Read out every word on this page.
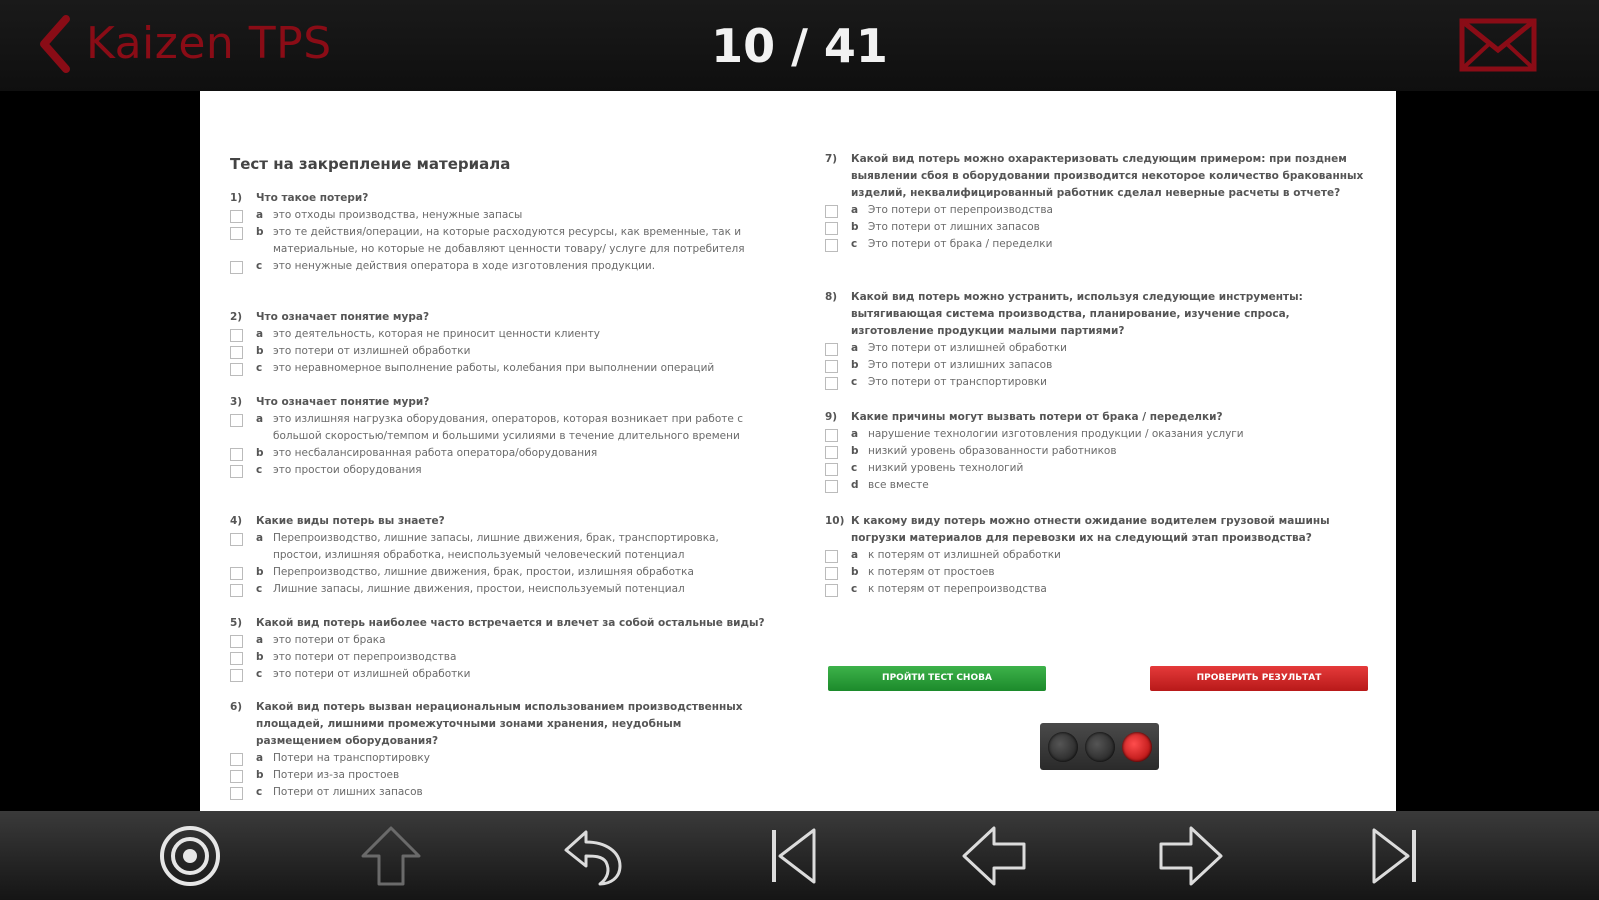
Kaizen TPS	10 / 41
Тест на закрепление материала
1) Что такое потери?
a это отходы производства, ненужные запасы
b это те действия/операции, на которые расходуются ресурсы, как временные, так и материальные, но которые не добавляют ценности товару/ услуге для потребителя
c это ненужные действия оператора в ходе изготовления продукции.
2) Что означает понятие мура?
a это деятельность, которая не приносит ценности клиенту
b это потери от излишней обработки
c это неравномерное выполнение работы, колебания при выполнении операций
3) Что означает понятие мури?
a это излишняя нагрузка оборудования, операторов, которая возникает при работе с большой скоростью/темпом и большими усилиями в течение длительного времени
b это несбалансированная работа оператора/оборудования
c это простои оборудования
4) Какие виды потерь вы знаете?
a Перепроизводство, лишние запасы, лишние движения, брак, транспортировка, простои, излишняя обработка, неиспользуемый человеческий потенциал
b Перепроизводство, лишние движения, брак, простои, излишняя обработка
c Лишние запасы, лишние движения, простои, неиспользуемый потенциал
5) Какой вид потерь наиболее часто встречается и влечет за собой остальные виды?
a это потери от брака
b это потери от перепроизводства
c это потери от излишней обработки
6) Какой вид потерь вызван нерациональным использованием производственных площадей, лишними промежуточными зонами хранения, неудобным размещением оборудования?
a Потери на транспортировку
b Потери из-за простоев
c Потери от лишних запасов
7) Какой вид потерь можно охарактеризовать следующим примером: при позднем выявлении сбоя в оборудовании производится некоторое количество бракованных изделий, неквалифицированный работник сделал неверные расчеты в отчете?
a Это потери от перепроизводства
b Это потери от лишних запасов
c Это потери от брака / переделки
8) Какой вид потерь можно устранить, используя следующие инструменты: вытягивающая система производства, планирование, изучение спроса, изготовление продукции малыми партиями?
a Это потери от излишней обработки
b Это потери от излишних запасов
c Это потери от транспортировки
9) Какие причины могут вызвать потери от брака / переделки?
a нарушение технологии изготовления продукции / оказания услуги
b низкий уровень образованности работников
c низкий уровень технологий
d все вместе
10) К какому виду потерь можно отнести ожидание водителем грузовой машины погрузки материалов для перевозки их на следующий этап производства?
a к потерям от излишней обработки
b к потерям от простоев
c к потерям от перепроизводства
ПРОЙТИ ТЕСТ СНОВА	ПРОВЕРИТЬ РЕЗУЛЬТАТ
